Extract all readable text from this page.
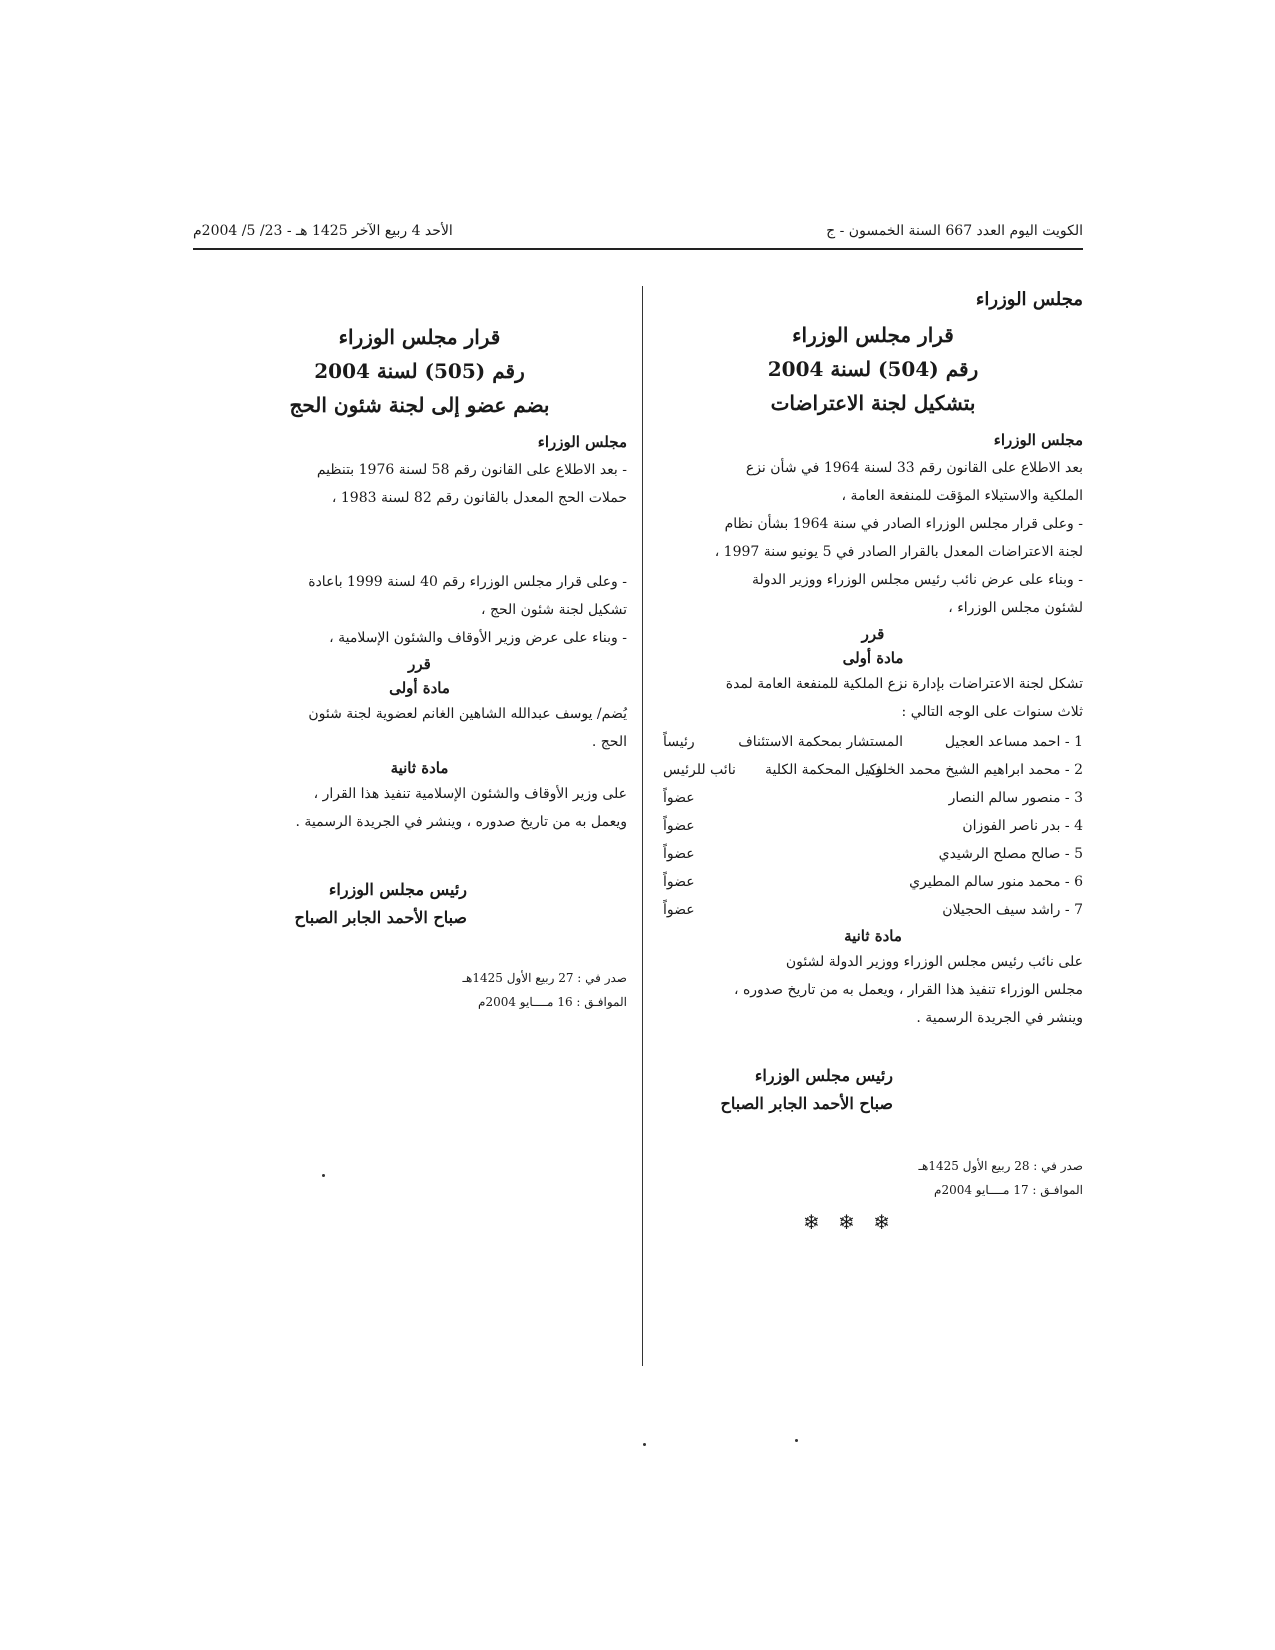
الكويت اليوم العدد 667 السنة الخمسون - ج
الأحد 4 ربيع الآخر 1425 هـ - 23/ 5/ 2004م
مجلس الوزراء
قرار مجلس الوزراء
رقم (504) لسنة 2004
بتشكيل لجنة الاعتراضات
مجلس الوزراء
بعد الاطلاع على القانون رقم 33 لسنة 1964 في شأن نزع
الملكية والاستيلاء المؤقت للمنفعة العامة ،
- وعلى قرار مجلس الوزراء الصادر في سنة 1964 بشأن نظام
لجنة الاعتراضات المعدل بالقرار الصادر في 5 يونيو سنة 1997 ،
- وبناء على عرض نائب رئيس مجلس الوزراء ووزير الدولة
لشئون مجلس الوزراء ،
قرر
مادة أولى
تشكل لجنة الاعتراضات بإدارة نزع الملكية للمنفعة العامة لمدة
ثلاث سنوات على الوجه التالي :
1 - احمد مساعد العجيل
المستشار بمحكمة الاستئناف
رئيساً
2 - محمد ابراهيم الشيخ محمد الخلف
وكيل المحكمة الكلية
نائب للرئيس
3 - منصور سالم النصار
عضواً
4 - بدر ناصر الفوزان
عضواً
5 - صالح مصلح الرشيدي
عضواً
6 - محمد منور سالم المطيري
عضواً
7 - راشد سيف الحجيلان
عضواً
مادة ثانية
على نائب رئيس مجلس الوزراء ووزير الدولة لشئون
مجلس الوزراء تنفيذ هذا القرار ، ويعمل به من تاريخ صدوره ،
وينشر في الجريدة الرسمية .
رئيس مجلس الوزراء
صباح الأحمد الجابر الصباح
صدر في : 28 ربيع الأول 1425هـ
الموافـق : 17 مــــايو 2004م
❄ ❄ ❄
قرار مجلس الوزراء
رقم (505) لسنة 2004
بضم عضو إلى لجنة شئون الحج
مجلس الوزراء
- بعد الاطلاع على القانون رقم 58 لسنة 1976 بتنظيم
حملات الحج المعدل بالقانون رقم 82 لسنة 1983 ،
- وعلى قرار مجلس الوزراء رقم 40 لسنة 1999 باعادة
تشكيل لجنة شئون الحج ،
- وبناء على عرض وزير الأوقاف والشئون الإسلامية ،
قرر
مادة أولى
يُضم/ يوسف عبدالله الشاهين الغانم لعضوية لجنة شئون
الحج .
مادة ثانية
على وزير الأوقاف والشئون الإسلامية تنفيذ هذا القرار ،
ويعمل به من تاريخ صدوره ، وينشر في الجريدة الرسمية .
رئيس مجلس الوزراء
صباح الأحمد الجابر الصباح
صدر في : 27 ربيع الأول 1425هـ
الموافـق : 16 مــــايو 2004م
